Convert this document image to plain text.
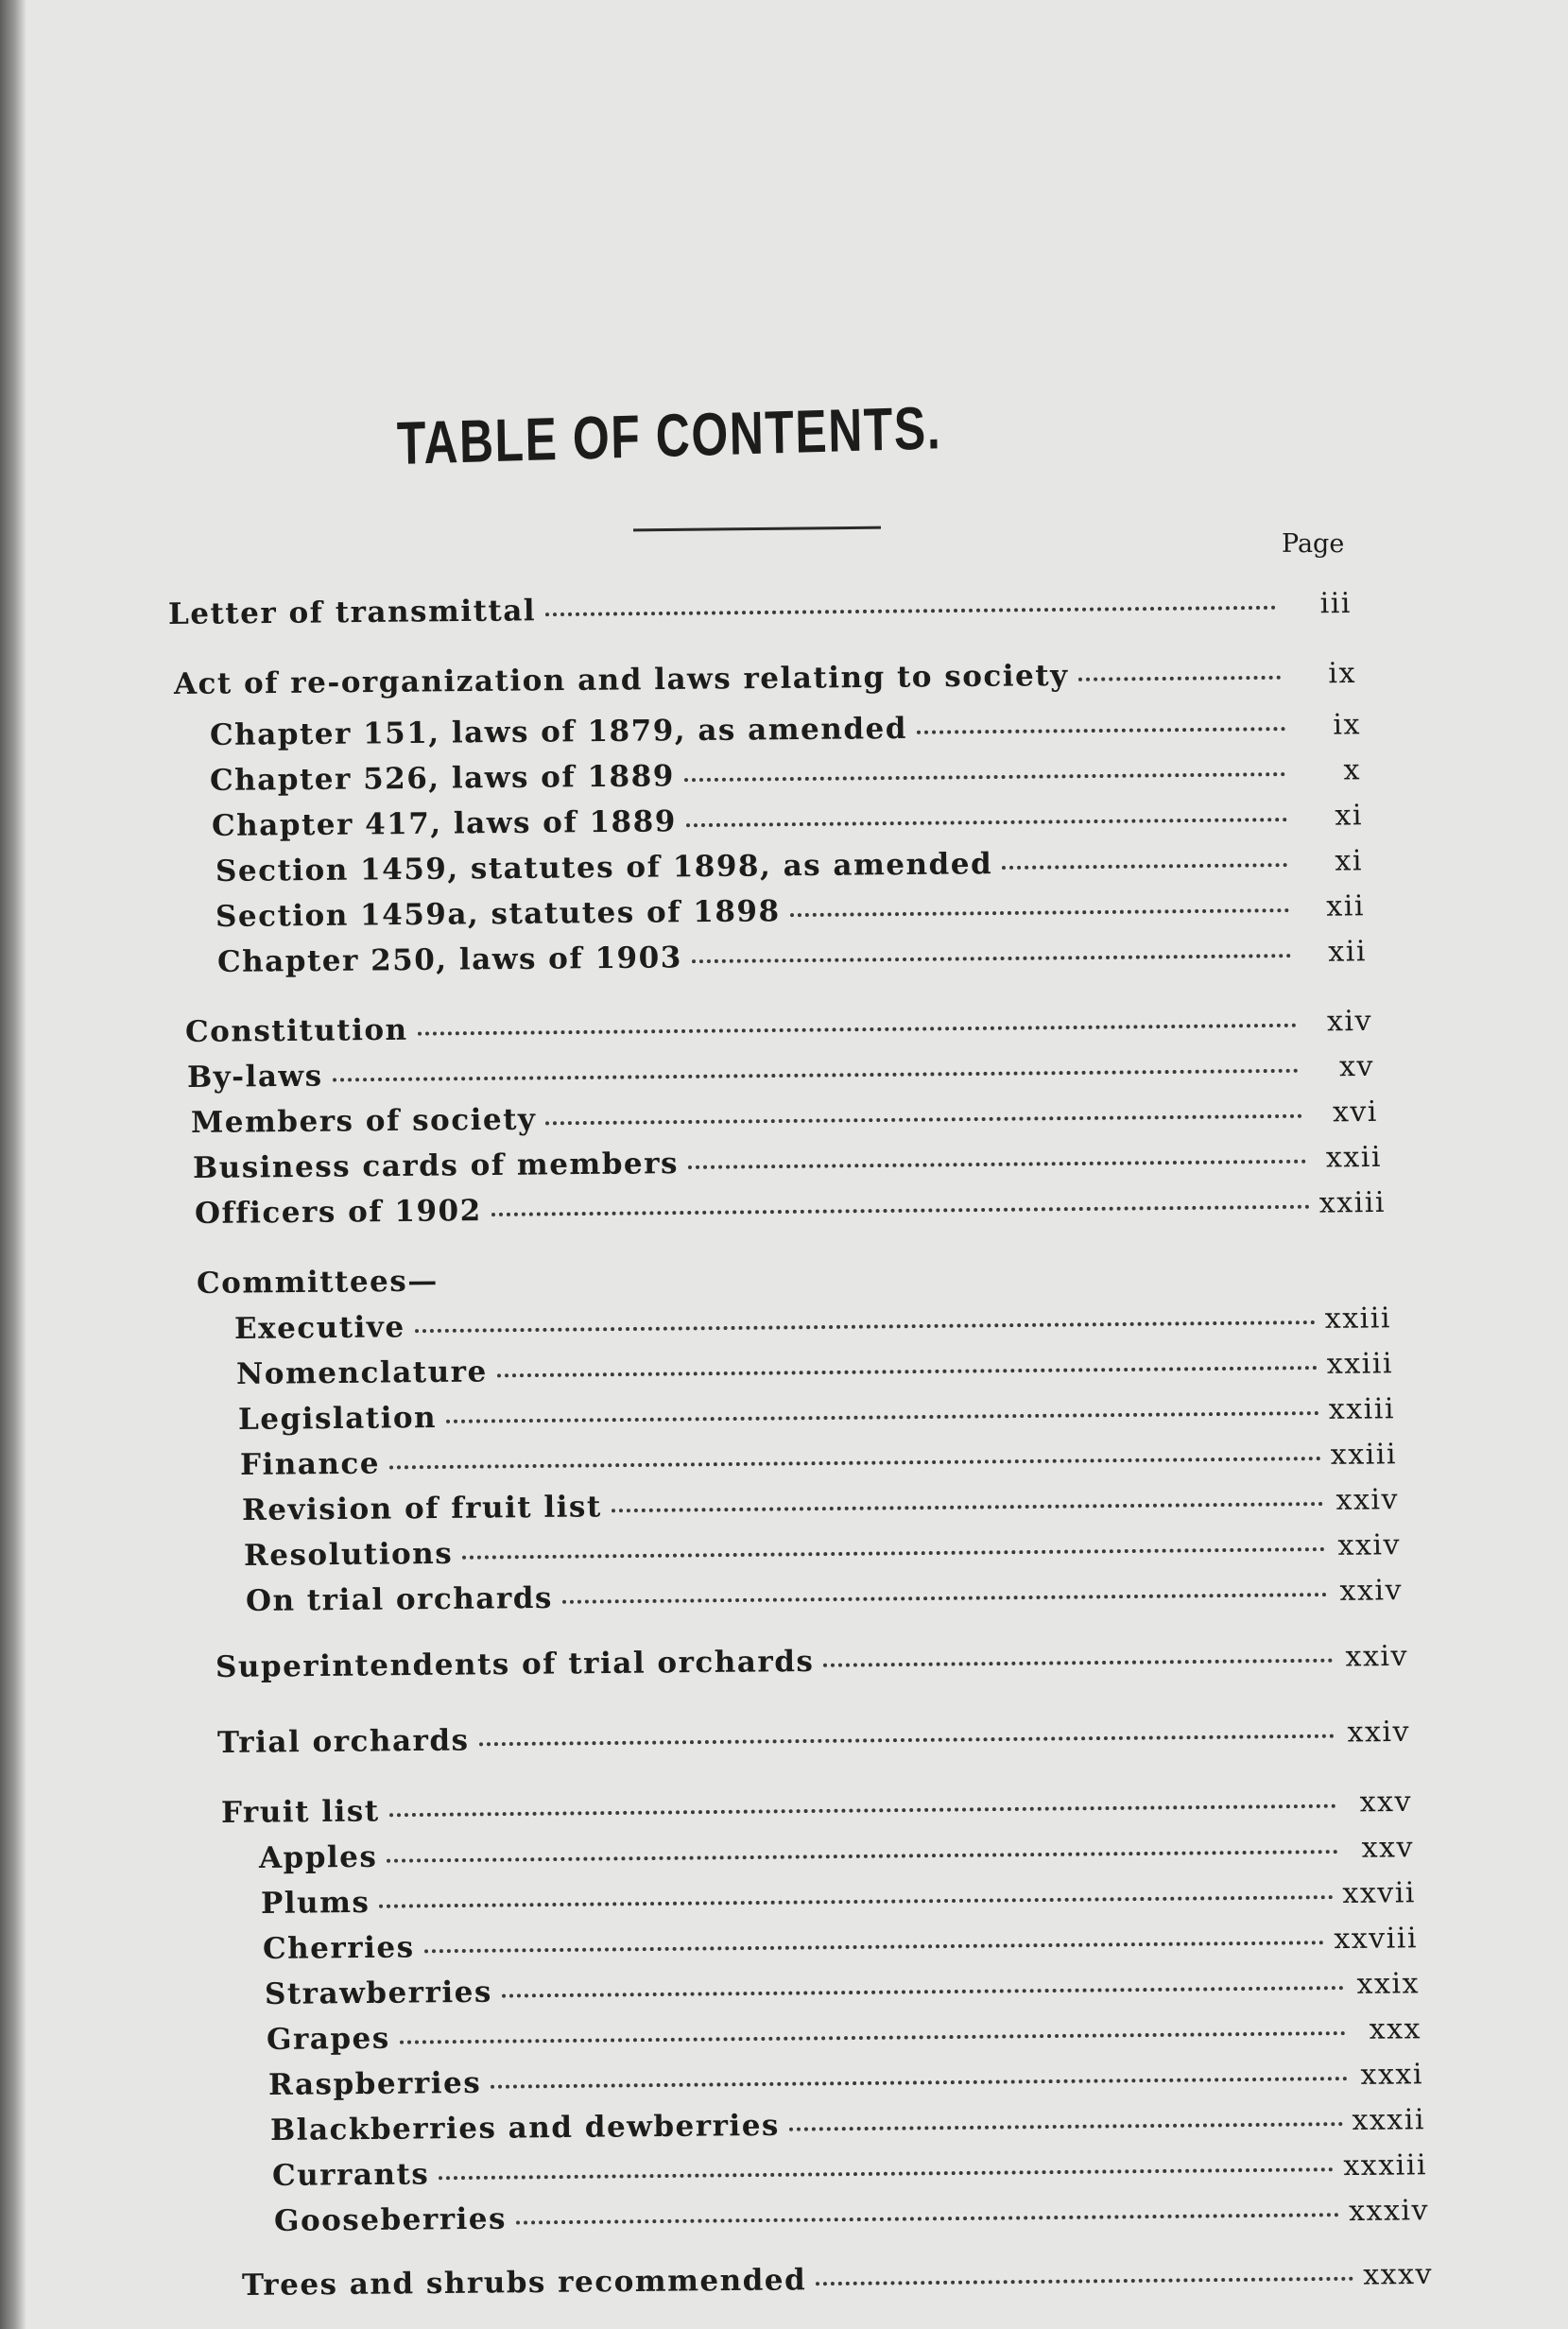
TABLE OF CONTENTS.
Page
Letter of transmittal	iii
Act of re-organization and laws relating to society	ix
Chapter 151, laws of 1879, as amended	ix
Chapter 526, laws of 1889	x
Chapter 417, laws of 1889	xi
Section 1459, statutes of 1898, as amended	xi
Section 1459a, statutes of 1898	xii
Chapter 250, laws of 1903	xii
Constitution	xiv
By-laws	xv
Members of society	xvi
Business cards of members	xxii
Officers of 1902	xxiii
Committees—
Executive	xxiii
Nomenclature	xxiii
Legislation	xxiii
Finance	xxiii
Revision of fruit list	xxiv
Resolutions	xxiv
On trial orchards	xxiv
Superintendents of trial orchards	xxiv
Trial orchards	xxiv
Fruit list	xxv
Apples	xxv
Plums	xxvii
Cherries	xxviii
Strawberries	xxix
Grapes	xxx
Raspberries	xxxi
Blackberries and dewberries	xxxii
Currants	xxxiii
Gooseberries	xxxiv
Trees and shrubs recommended	xxxv
